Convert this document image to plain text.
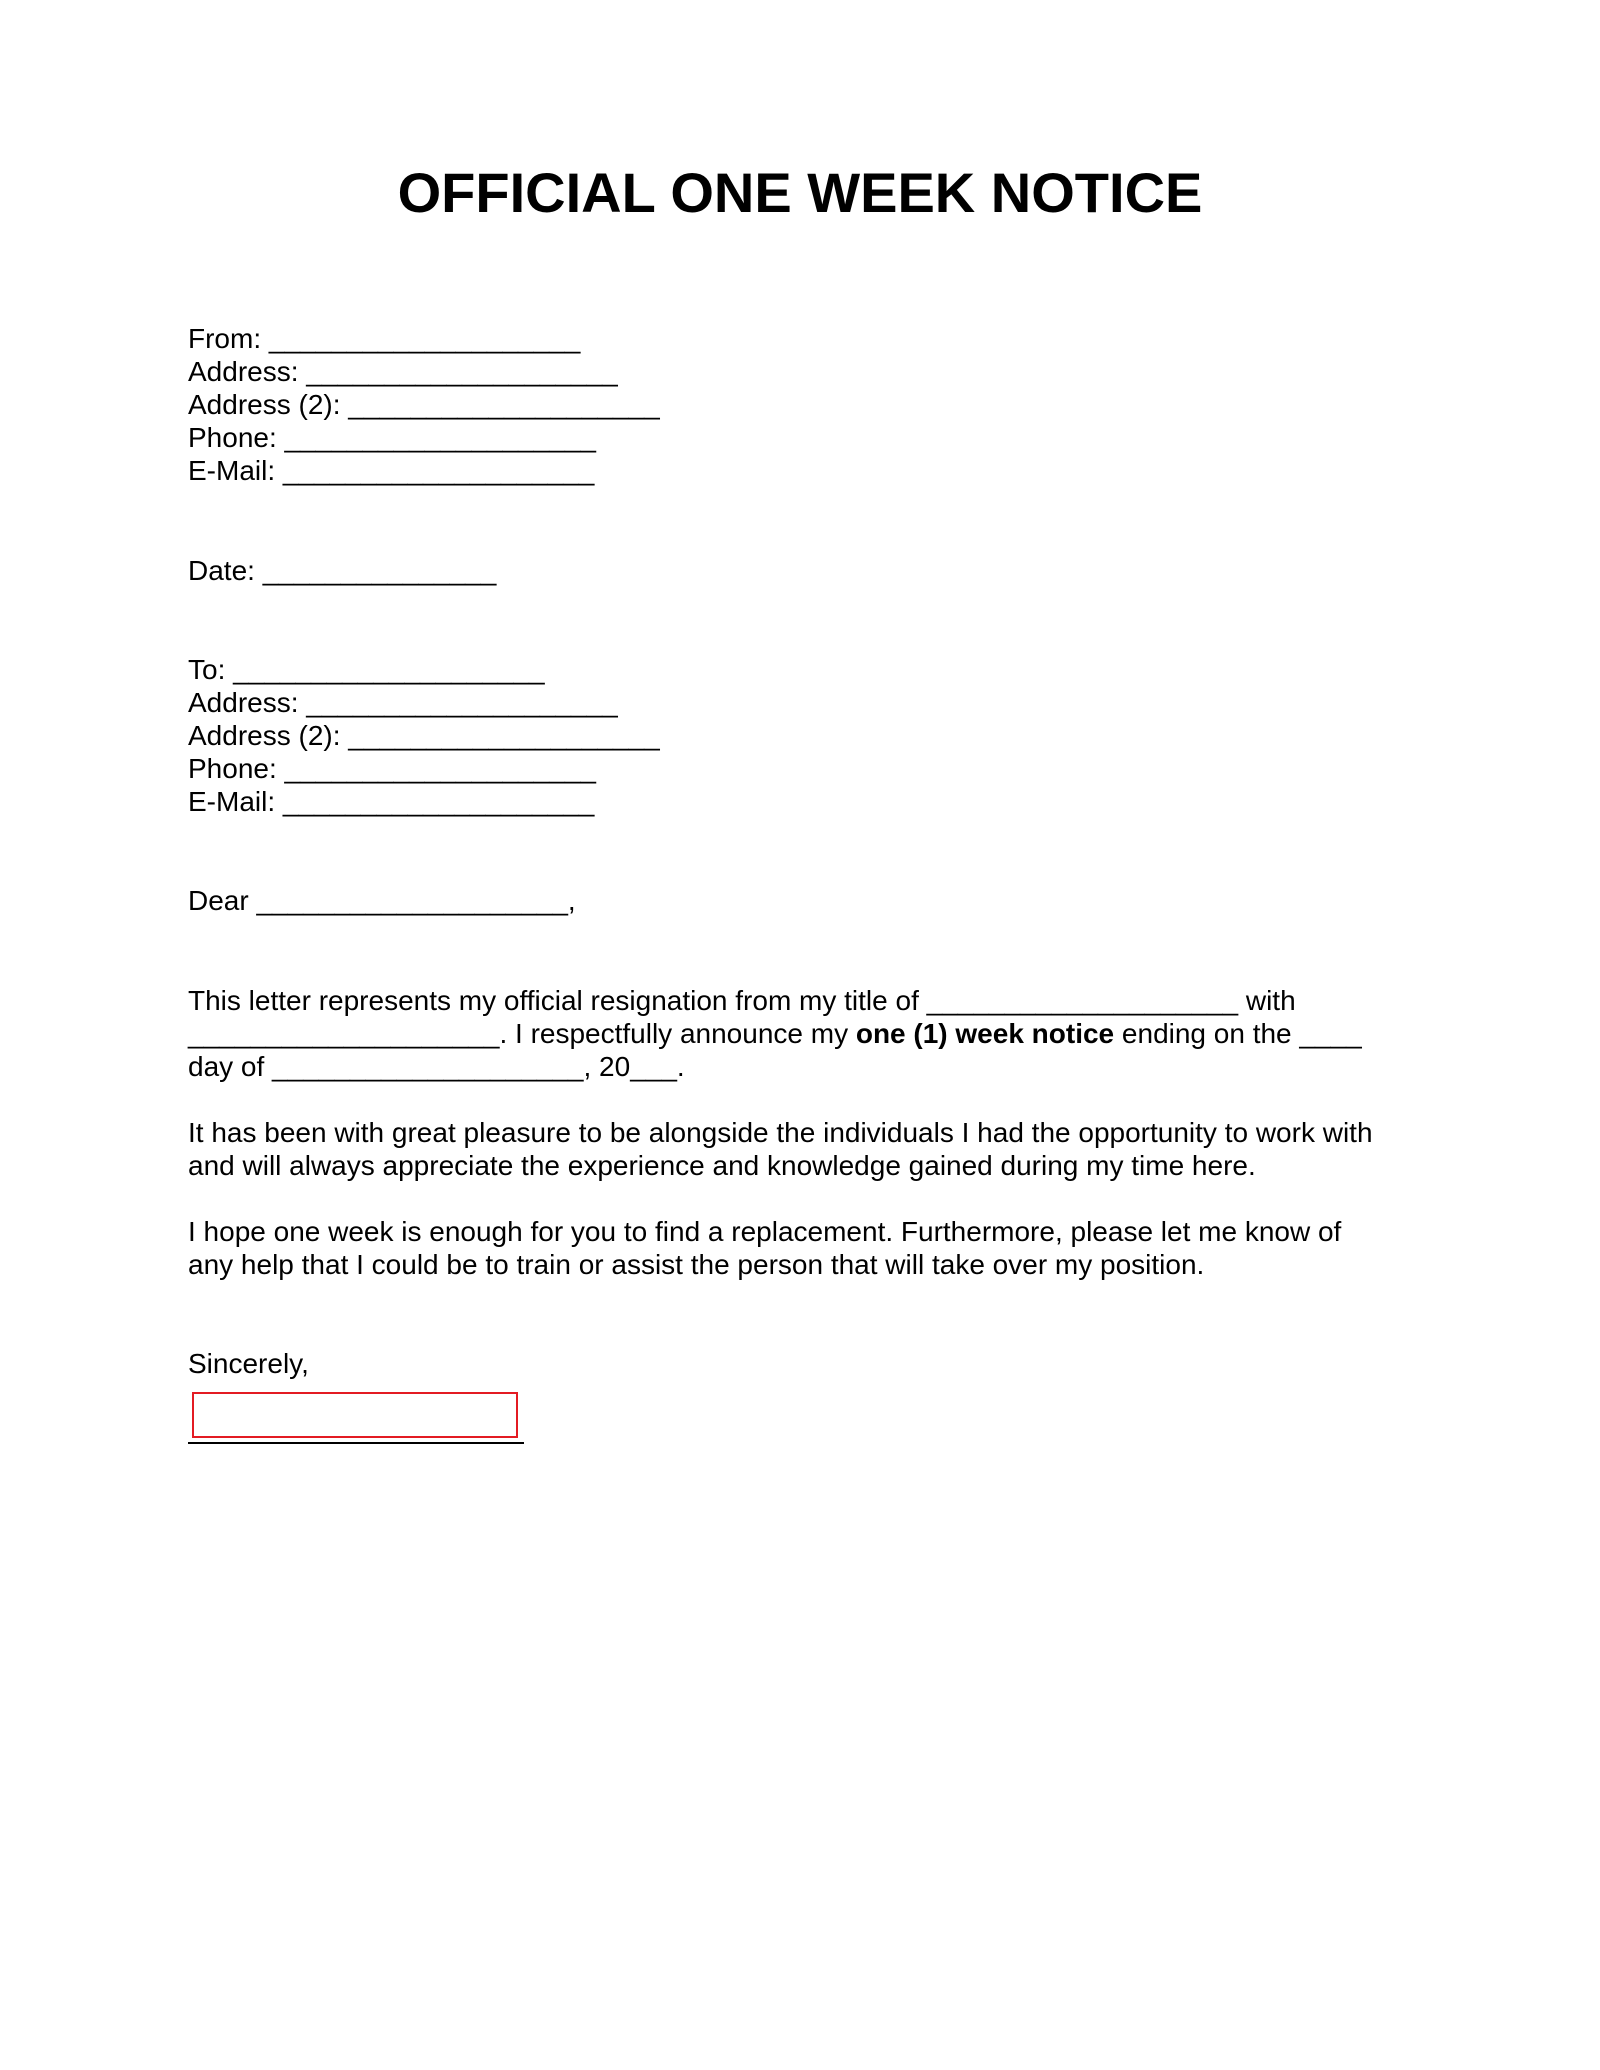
OFFICIAL ONE WEEK NOTICE

From: ____________________

Address: ____________________

Address (2): ____________________

Phone: ____________________

E-Mail: ____________________

Date: _______________

To: ____________________

Address: ____________________

Address (2): ____________________

Phone: ____________________

E-Mail: ____________________

Dear ____________________,

This letter represents my official resignation from my title of ____________________ with
____________________. I respectfully announce my one (1) week notice ending on the ____
day of ____________________, 20___.
It has been with great pleasure to be alongside the individuals I had the opportunity to work with
and will always appreciate the experience and knowledge gained during my time here.
I hope one week is enough for you to find a replacement. Furthermore, please let me know of
any help that I could be to train or assist the person that will take over my position.

Sincerely,
